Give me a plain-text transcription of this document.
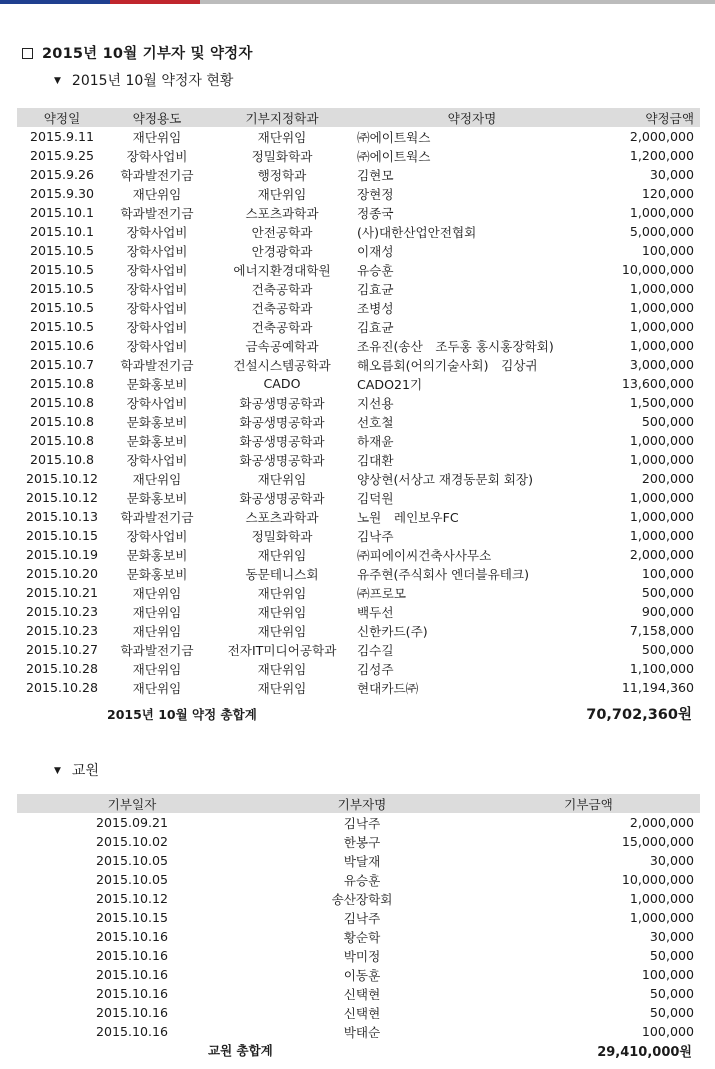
2015년 10월 기부자 및 약정자
▼ 2015년 10월 약정자 현황
약정일	약정용도	기부지정학과	약정자명	약정금액
2015.9.11	재단위임	재단위임	㈜에이트웍스	2,000,000
2015.9.25	장학사업비	정밀화학과	㈜에이트웍스	1,200,000
2015.9.26	학과발전기금	행정학과	김현모	30,000
2015.9.30	재단위임	재단위임	장현정	120,000
2015.10.1	학과발전기금	스포츠과학과	정종국	1,000,000
2015.10.1	장학사업비	안전공학과	(사)대한산업안전협회	5,000,000
2015.10.5	장학사업비	안경광학과	이재성	100,000
2015.10.5	장학사업비	에너지환경대학원	유승훈	10,000,000
2015.10.5	장학사업비	건축공학과	김효균	1,000,000
2015.10.5	장학사업비	건축공학과	조병성	1,000,000
2015.10.5	장학사업비	건축공학과	김효균	1,000,000
2015.10.6	장학사업비	금속공예학과	조유진(송산　조두홍 홍시홍장학회)	1,000,000
2015.10.7	학과발전기금	건설시스템공학과	해오름회(어의기술사회)　김상귀	3,000,000
2015.10.8	문화홍보비	CADO	CADO21기	13,600,000
2015.10.8	장학사업비	화공생명공학과	지선용	1,500,000
2015.10.8	문화홍보비	화공생명공학과	선호철	500,000
2015.10.8	문화홍보비	화공생명공학과	하재윤	1,000,000
2015.10.8	장학사업비	화공생명공학과	김대환	1,000,000
2015.10.12	재단위임	재단위임	양상현(서상고 재경동문회 회장)	200,000
2015.10.12	문화홍보비	화공생명공학과	김덕원	1,000,000
2015.10.13	학과발전기금	스포츠과학과	노원　레인보우FC	1,000,000
2015.10.15	장학사업비	정밀화학과	김낙주	1,000,000
2015.10.19	문화홍보비	재단위임	㈜피에이씨건축사사무소	2,000,000
2015.10.20	문화홍보비	동문테니스회	유주현(주식회사 엔더블유테크)	100,000
2015.10.21	재단위임	재단위임	㈜프로모	500,000
2015.10.23	재단위임	재단위임	백두선	900,000
2015.10.23	재단위임	재단위임	신한카드(주)	7,158,000
2015.10.27	학과발전기금	전자IT미디어공학과	김수길	500,000
2015.10.28	재단위임	재단위임	김성주	1,100,000
2015.10.28	재단위임	재단위임	현대카드㈜	11,194,360
2015년 10월 약정 총합계	70,702,360원
▼ 교원
기부일자	기부자명	기부금액
2015.09.21	김낙주	2,000,000
2015.10.02	한봉구	15,000,000
2015.10.05	박달재	30,000
2015.10.05	유승훈	10,000,000
2015.10.12	송산장학회	1,000,000
2015.10.15	김낙주	1,000,000
2015.10.16	황순학	30,000
2015.10.16	박미정	50,000
2015.10.16	이동훈	100,000
2015.10.16	신택현	50,000
2015.10.16	신택현	50,000
2015.10.16	박태순	100,000
교원 총합계	29,410,000원
